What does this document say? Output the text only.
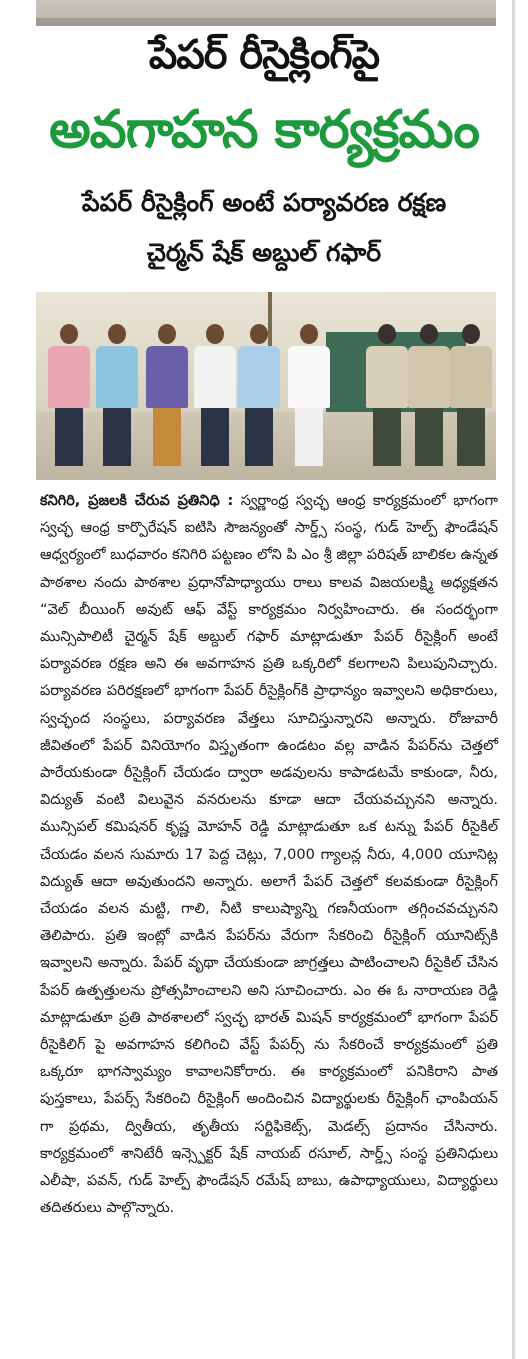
పేపర్ రీసైక్లింగ్‌పై
అవగాహన కార్యక్రమం
పేపర్ రీసైక్లింగ్ అంటే పర్యావరణ రక్షణ
చైర్మన్ షేక్ అబ్దుల్ గఫార్
కనిగిరి, ప్రజలకి చేరువ ప్రతినిధి : స్వర్ణాంధ్ర స్వచ్ఛ ఆంధ్ర కార్యక్రమంలో భాగంగా స్వచ్ఛ ఆంధ్ర కార్పొరేషన్ ఐటిసి సౌజన్యంతో సార్డ్స్ సంస్థ, గుడ్ హెల్ప్ ఫౌండేషన్ ఆధ్వర్యంలో బుధవారం కనిగిరి పట్టణం లోని పి ఎం శ్రీ జిల్లా పరిషత్ బాలికల ఉన్నత పాఠశాల నందు పాఠశాల ప్రధానోపాధ్యాయు రాలు కాలవ విజయలక్ష్మి అధ్యక్షతన “వెల్ బీయింగ్ అవుట్ ఆఫ్ వేస్ట్ కార్యక్రమం నిర్వహించారు. ఈ సందర్భంగా మున్సిపాలిటీ చైర్మన్ షేక్ అబ్దుల్ గఫార్ మాట్లాడుతూ పేపర్ రీసైక్లింగ్ అంటే పర్యావరణ రక్షణ అని ఈ అవగాహన ప్రతి ఒక్కరిలో కలగాలని పిలుపునిచ్చారు. పర్యావరణ పరిరక్షణలో భాగంగా పేపర్ రీసైక్లింగ్‌కి ప్రాధాన్యం ఇవ్వాలని అధికారులు, స్వచ్ఛంద సంస్థలు, పర్యావరణ వేత్తలు సూచిస్తున్నారని అన్నారు. రోజువారీ జీవితంలో పేపర్ వినియోగం విస్తృతంగా ఉండటం వల్ల వాడిన పేపర్‌ను చెత్తలో పారేయకుండా రీసైక్లింగ్ చేయడం ద్వారా అడవులను కాపాడటమే కాకుండా, నీరు, విద్యుత్ వంటి విలువైన వనరులను కూడా ఆదా చేయవచ్చునని అన్నారు. మున్సిపల్ కమిషనర్ కృష్ణ మోహన్ రెడ్డి మాట్లాడుతూ ఒక టన్ను పేపర్ రీసైకిల్ చేయడం వలన సుమారు 17 పెద్ద చెట్లు, 7,000 గ్యాలన్ల నీరు, 4,000 యూనిట్ల విద్యుత్ ఆదా అవుతుందని అన్నారు. అలాగే పేపర్ చెత్తలో కలవకుండా రీసైక్లింగ్ చేయడం వలన మట్టి, గాలి, నీటి కాలుష్యాన్ని గణనీయంగా తగ్గించవచ్చునని తెలిపారు. ప్రతి ఇంట్లో వాడిన పేపర్‌ను వేరుగా సేకరించి రీసైక్లింగ్ యూనిట్స్‌కి ఇవ్వాలని అన్నారు. పేపర్ వృథా చేయకుండా జాగ్రత్తలు పాటించాలని రీసైకిల్ చేసిన పేపర్ ఉత్పత్తులను ప్రోత్సహించాలని అని సూచించారు. ఎం ఈ ఓ నారాయణ రెడ్డి మాట్లాడుతూ ప్రతి పాఠశాలలో స్వచ్ఛ భారత్ మిషన్ కార్యక్రమంలో భాగంగా పేపర్ రీసైకిలిగ్ పై అవగాహన కలిగించి వేస్ట్ పేపర్స్ ను సేకరించే కార్యక్రమంలో ప్రతి ఒక్కరూ భాగస్వామ్యం కావాలనికోరారు. ఈ కార్యక్రమంలో పనికిరాని పాత పుస్తకాలు, పేపర్స్ సేకరించి రీసైక్లింగ్ అందించిన విద్యార్థులకు రీసైక్లింగ్ ఛాంపియన్ గా ప్రథమ, ద్వితీయ, తృతీయ సర్టిఫికెట్స్, మెడల్స్ ప్రదానం చేసినారు. కార్యక్రమంలో శానిటేరీ ఇన్స్పెక్టర్ షేక్ నాయబ్ రసూల్, సార్డ్స్ సంస్థ ప్రతినిధులు ఎలీషా, పవన్, గుడ్ హెల్ప్ ఫౌండేషన్ రమేష్ బాబు, ఉపాధ్యాయులు, విద్యార్థులు తదితరులు పాల్గొన్నారు.
